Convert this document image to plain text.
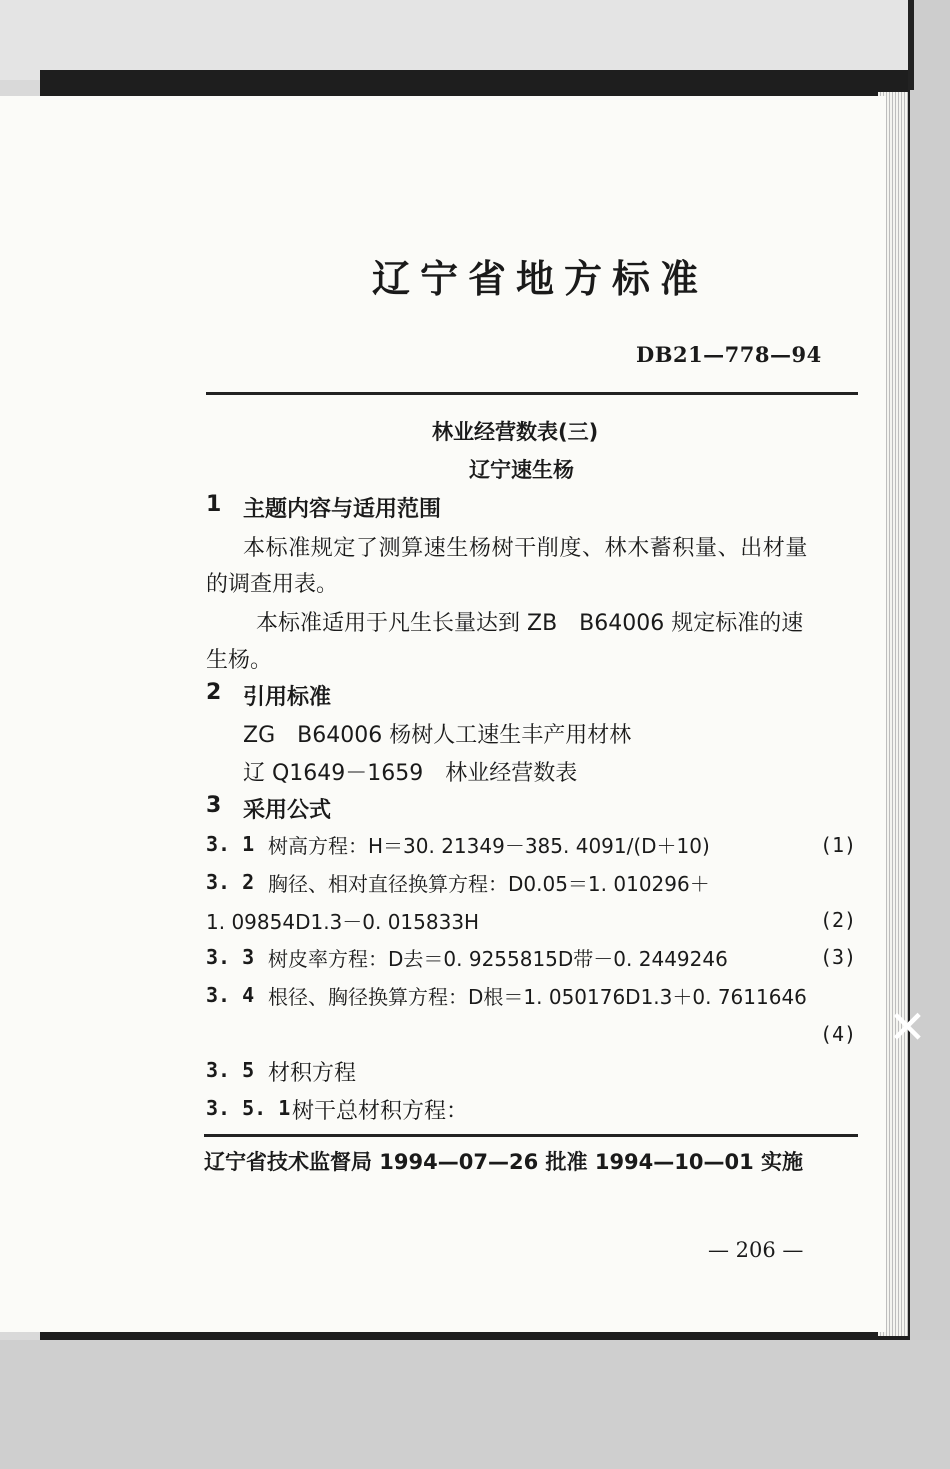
辽宁省地方标准
DB21—778—94
林业经营数表(三)
辽宁速生杨
1 主题内容与适用范围
本标准规定了测算速生杨树干削度、林木蓄积量、出材量
的调查用表。
本标准适用于凡生长量达到 ZB　B64006 规定标准的速
生杨。
2 引用标准
ZG　B64006 杨树人工速生丰产用材林
辽 Q1649－1659　林业经营数表
3 采用公式
3. 1 树高方程：H＝30. 21349－385. 4091/(D＋10)	(1)
3. 2 胸径、相对直径换算方程：D0.05＝1. 010296＋
1. 09854D1.3－0. 015833H	(2)
3. 3 树皮率方程：D去＝0. 9255815D带－0. 2449246	(3)
3. 4 根径、胸径换算方程：D根＝1. 050176D1.3＋0. 7611646
(4)
3. 5 材积方程
3. 5. 1 树干总材积方程：
辽宁省技术监督局 1994—07—26 批准 1994—10—01 实施
— 206 —
✕
